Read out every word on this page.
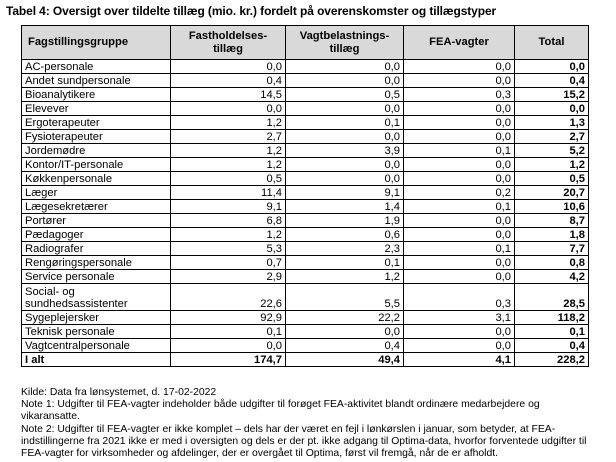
Tabel 4: Oversigt over tildelte tillæg (mio. kr.) fordelt på overenskomster og tillægstyper
Fagstillingsgruppe	Fastholdelses-tillæg	Vagtbelastnings-tillæg	FEA-vagter	Total
AC-personale	0,0	0,0	0,0	0,0
Andet sundpersonale	0,4	0,0	0,0	0,4
Bioanalytikere	14,5	0,5	0,3	15,2
Elevever	0,0	0,0	0,0	0,0
Ergoterapeuter	1,2	0,1	0,0	1,3
Fysioterapeuter	2,7	0,0	0,0	2,7
Jordemødre	1,2	3,9	0,1	5,2
Kontor/IT-personale	1,2	0,0	0,0	1,2
Køkkenpersonale	0,5	0,0	0,0	0,5
Læger	11,4	9,1	0,2	20,7
Lægesekretærer	9,1	1,4	0,1	10,6
Portører	6,8	1,9	0,0	8,7
Pædagoger	1,2	0,6	0,0	1,8
Radiografer	5,3	2,3	0,1	7,7
Rengøringspersonale	0,7	0,1	0,0	0,8
Service personale	2,9	1,2	0,0	4,2
Social- og sundhedsassistenter	22,6	5,5	0,3	28,5
Sygeplejersker	92,9	22,2	3,1	118,2
Teknisk personale	0,1	0,0	0,0	0,1
Vagtcentralpersonale	0,0	0,4	0,0	0,4
I alt	174,7	49,4	4,1	228,2

Kilde: Data fra lønsystemet, d. 17-02-2022

Note 1: Udgifter til FEA-vagter indeholder både udgifter til forøget FEA-aktivitet blandt ordinære medarbejdere og vikaransatte.

Note 2: Udgifter til FEA-vagter er ikke komplet – dels har der været en fejl i lønkørslen i januar, som betyder, at FEA-indstillingerne fra 2021 ikke er med i oversigten og dels er der pt. ikke adgang til Optima-data, hvorfor forventede udgifter til FEA-vagter for virksomheder og afdelinger, der er overgået til Optima, først vil fremgå, når de er afholdt.
